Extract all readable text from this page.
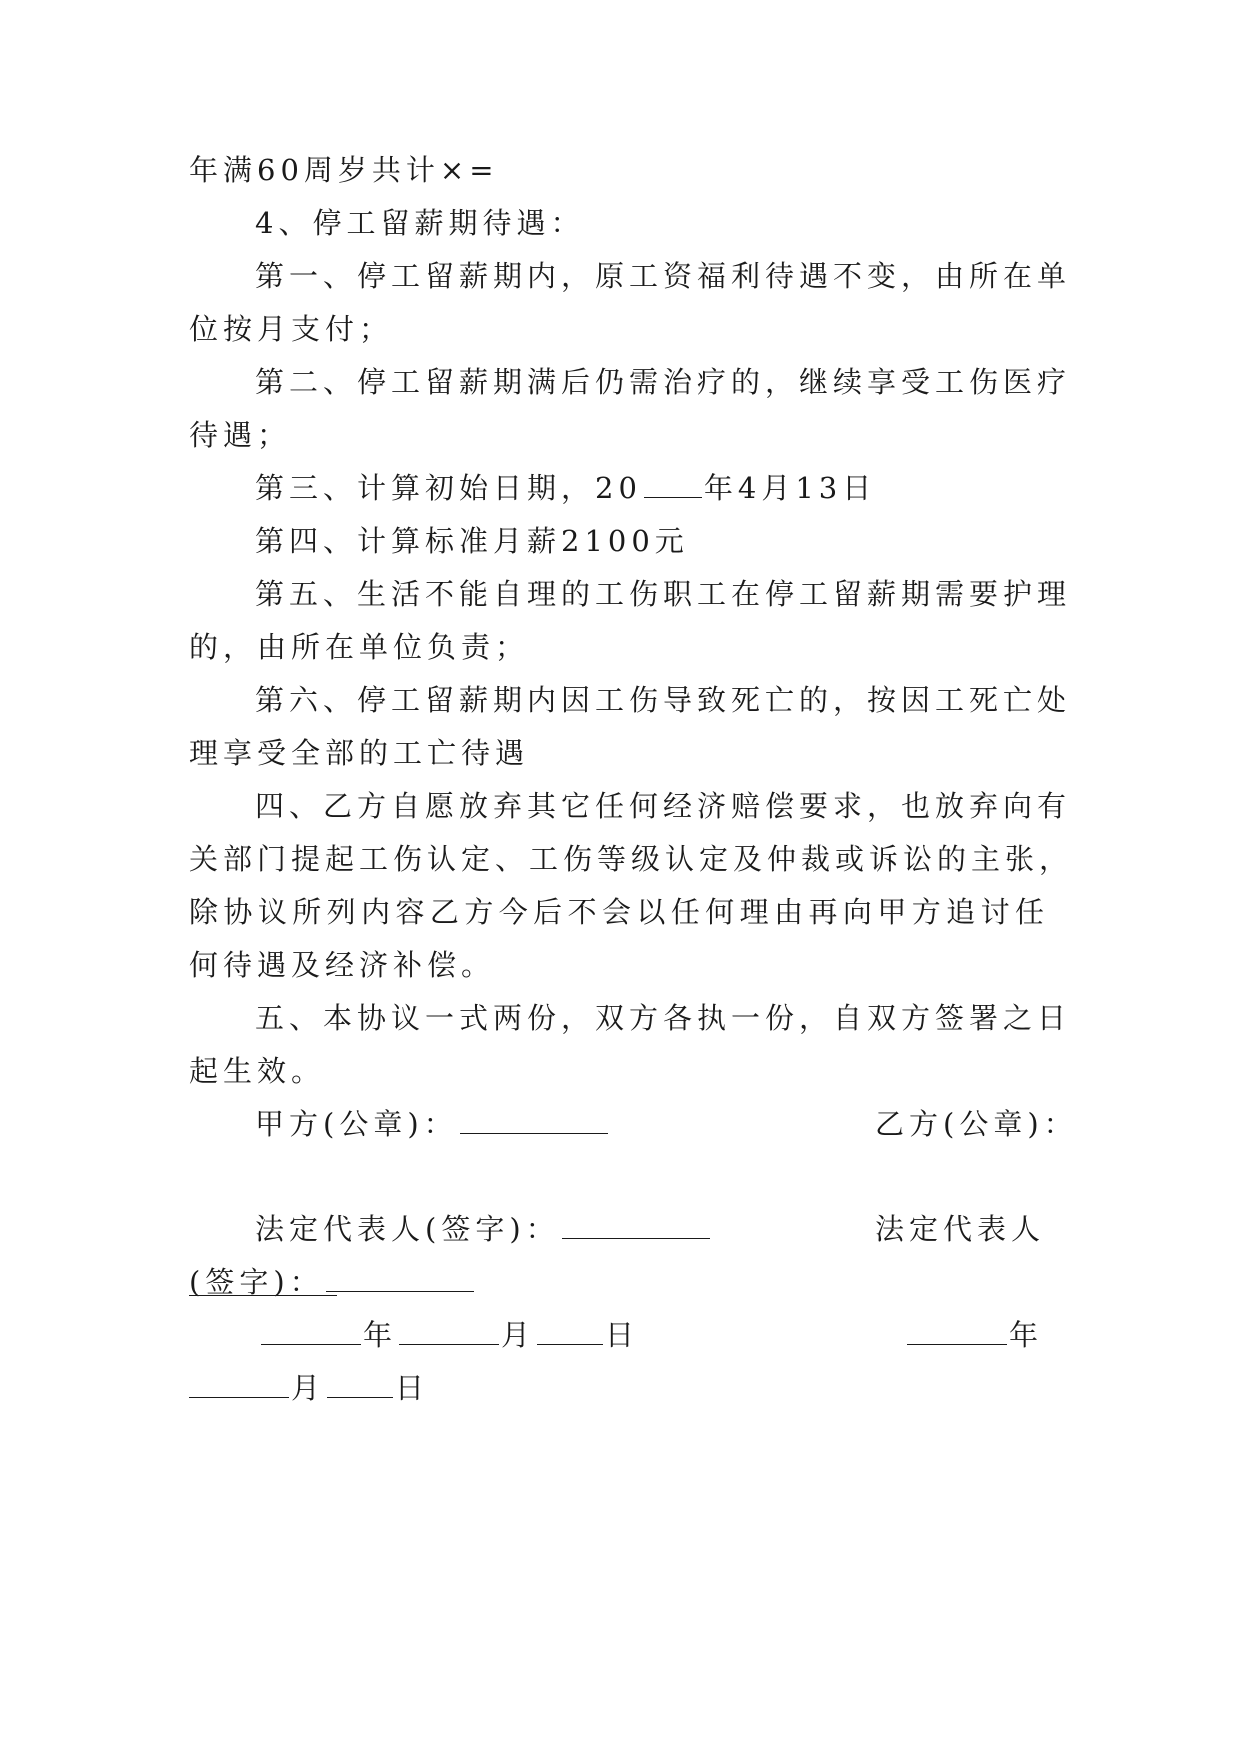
年满60周岁共计×=
4、停工留薪期待遇：
第一、停工留薪期内，原工资福利待遇不变，由所在单
位按月支付；
第二、停工留薪期满后仍需治疗的，继续享受工伤医疗
待遇；
第三、计算初始日期，20 年4月13日
第四、计算标准月薪2100元
第五、生活不能自理的工伤职工在停工留薪期需要护理
的，由所在单位负责；
第六、停工留薪期内因工伤导致死亡的，按因工死亡处
理享受全部的工亡待遇
四、乙方自愿放弃其它任何经济赔偿要求，也放弃向有
关部门提起工伤认定、工伤等级认定及仲裁或诉讼的主张，
除协议所列内容乙方今后不会以任何理由再向甲方追讨任
何待遇及经济补偿。
五、本协议一式两份，双方各执一份，自双方签署之日
起生效。
甲方(公章)：	乙方(公章)：
法定代表人(签字)：	法定代表人
(签字)：
年	月 日	年
月 日
